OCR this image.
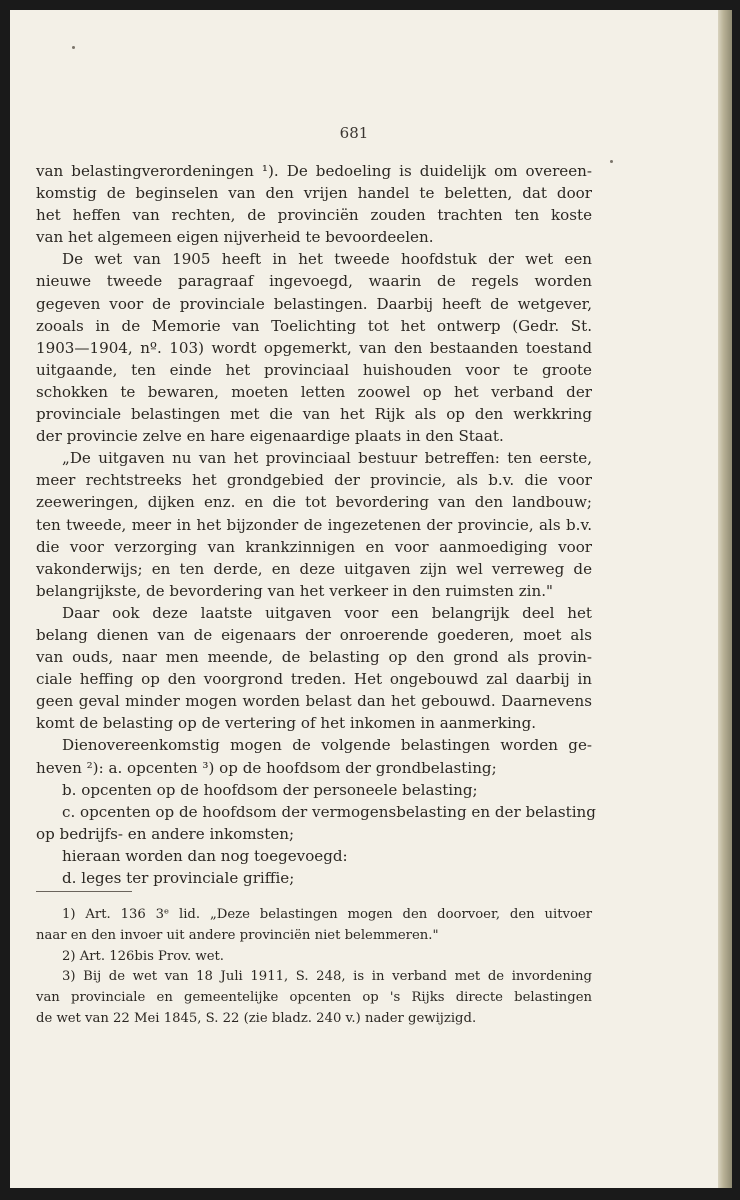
681

van belastingverordeningen ¹). De bedoeling is duidelijk om overeen-
komstig de beginselen van den vrijen handel te beletten, dat door
het heffen van rechten, de provinciën zouden trachten ten koste
van het algemeen eigen nijverheid te bevoordeelen.

De wet van 1905 heeft in het tweede hoofdstuk der wet een
nieuwe tweede paragraaf ingevoegd, waarin de regels worden
gegeven voor de provinciale belastingen. Daarbij heeft de wetgever,
zooals in de Memorie van Toelichting tot het ontwerp (Gedr. St.
1903—1904, nº. 103) wordt opgemerkt, van den bestaanden toestand
uitgaande, ten einde het provinciaal huishouden voor te groote
schokken te bewaren, moeten letten zoowel op het verband der
provinciale belastingen met die van het Rijk als op den werkkring
der provincie zelve en hare eigenaardige plaats in den Staat.

„De uitgaven nu van het provinciaal bestuur betreffen: ten eerste,
meer rechtstreeks het grondgebied der provincie, als b.v. die voor
zeeweringen, dijken enz. en die tot bevordering van den landbouw;
ten tweede, meer in het bijzonder de ingezetenen der provincie, als b.v.
die voor verzorging van krankzinnigen en voor aanmoediging voor
vakonderwijs; en ten derde, en deze uitgaven zijn wel verreweg de
belangrijkste, de bevordering van het verkeer in den ruimsten zin."

Daar ook deze laatste uitgaven voor een belangrijk deel het
belang dienen van de eigenaars der onroerende goederen, moet als
van ouds, naar men meende, de belasting op den grond als provin-
ciale heffing op den voorgrond treden. Het ongebouwd zal daarbij in
geen geval minder mogen worden belast dan het gebouwd. Daarnevens
komt de belasting op de vertering of het inkomen in aanmerking.

Dienovereenkomstig mogen de volgende belastingen worden ge-
heven ²): a. opcenten ³) op de hoofdsom der grondbelasting;

b. opcenten op de hoofdsom der personeele belasting;

c. opcenten op de hoofdsom der vermogensbelasting en der belasting
op bedrijfs- en andere inkomsten;

hieraan worden dan nog toegevoegd:

d. leges ter provinciale griffie;

1) Art. 136 3ᵉ lid. „Deze belastingen mogen den doorvoer, den uitvoer
naar en den invoer uit andere provinciën niet belemmeren."

2) Art. 126bis Prov. wet.

3) Bij de wet van 18 Juli 1911, S. 248, is in verband met de invordening
van provinciale en gemeentelijke opcenten op 's Rijks directe belastingen
de wet van 22 Mei 1845, S. 22 (zie bladz. 240 v.) nader gewijzigd.
